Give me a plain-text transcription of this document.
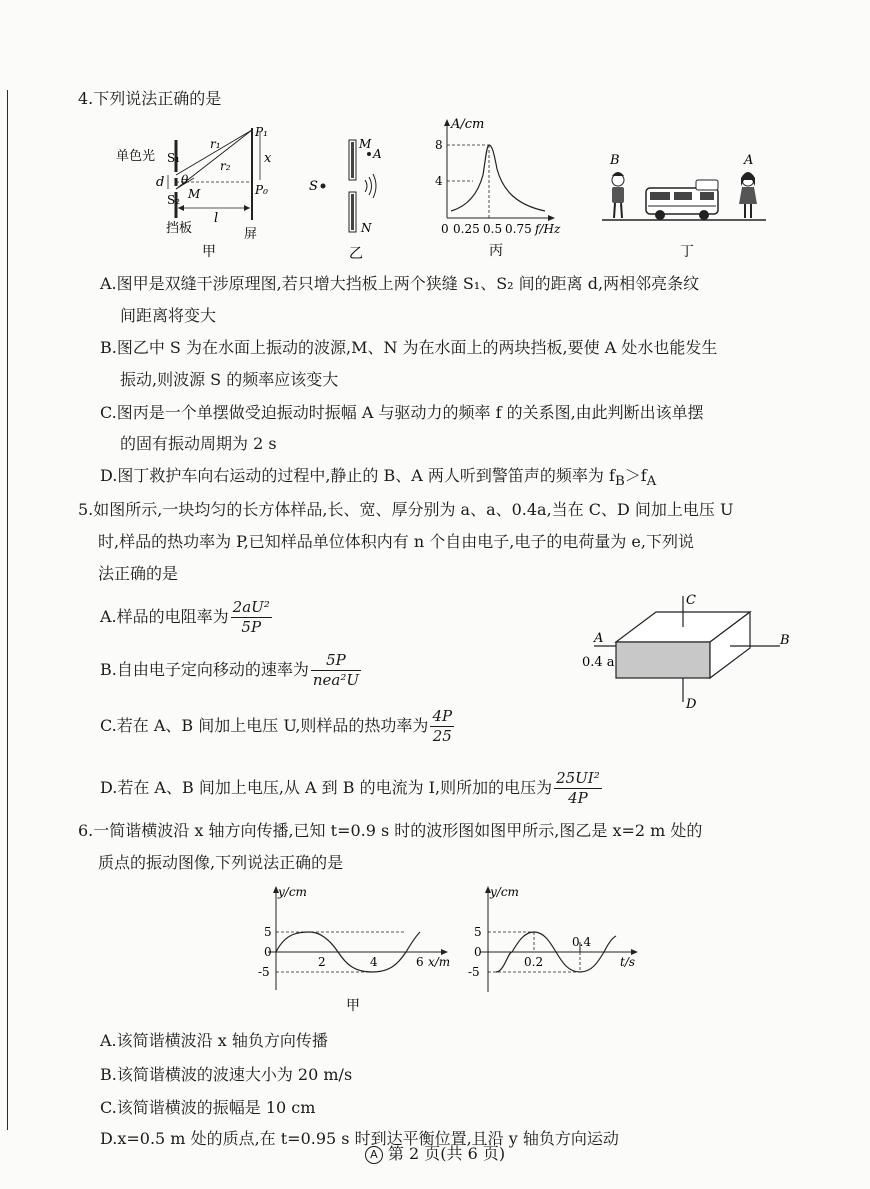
4.下列说法正确的是
单色光 S₁
S₂
d θ
M
r₁
r₂
P₁
P₀
x
l
挡板	屏
甲
S
M
A
N
乙
A/cm
8
4
0 0.25 0.5 0.75 f/Hz
丙
B	A
丁
A.图甲是双缝干涉原理图,若只增大挡板上两个狭缝 S₁、S₂ 间的距离 d,两相邻亮条纹
间距离将变大
B.图乙中 S 为在水面上振动的波源,M、N 为在水面上的两块挡板,要使 A 处水也能发生
振动,则波源 S 的频率应该变大
C.图丙是一个单摆做受迫振动时振幅 A 与驱动力的频率 f 的关系图,由此判断出该单摆
的固有振动周期为 2 s
D.图丁救护车向右运动的过程中,静止的 B、A 两人听到警笛声的频率为 $f_B>f_A$
5.如图所示,一块均匀的长方体样品,长、宽、厚分别为 a、a、0.4a,当在 C、D 间加上电压 U
时,样品的热功率为 P,已知样品单位体积内有 n 个自由电子,电子的电荷量为 e,下列说
法正确的是
A.样品的电阻率为 $\frac{\text{2aU²}}{5P}$
B.自由电子定向移动的速率为 $\frac{5P}{\text{nea²U}}$
C.若在 A、B 间加上电压 U,则样品的热功率为 $\frac{4P}{25}$
D.若在 A、B 间加上电压,从 A 到 B 的电流为 I,则所加的电压为 $\frac{\text{25UI²}}{4P}$
C
A	B
D
0.4 a
6.一简谐横波沿 x 轴方向传播,已知 t=0.9 s 时的波形图如图甲所示,图乙是 x=2 m 处的
质点的振动图像,下列说法正确的是
y/cm
5
0
-5
2	4	6 x/m
甲
y/cm
5
0
-5
0.2
0.4
t/s
A.该简谐横波沿 x 轴负方向传播
B.该简谐横波的波速大小为 20 m/s
C.该简谐横波的振幅是 10 cm
D.x=0.5 m 处的质点,在 t=0.95 s 时到达平衡位置,且沿 y 轴负方向运动
A 第 2 页(共 6 页)
